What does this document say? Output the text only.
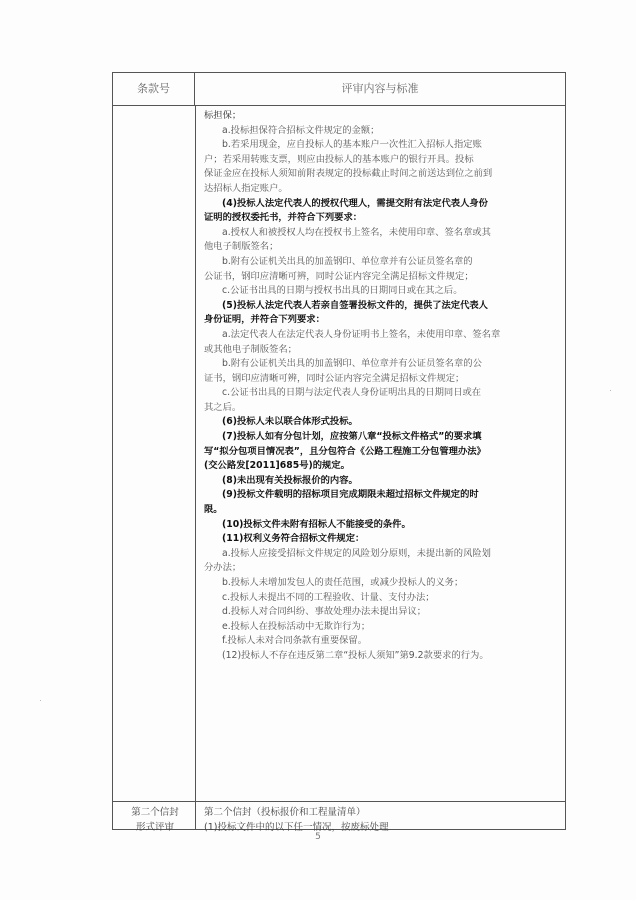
条款号	评审内容与标准

标担保；

a.投标担保符合招标文件规定的金额；

b.若采用现金，应自投标人的基本账户一次性汇入招标人指定账

户；若采用转账支票，则应由投标人的基本账户的银行开具。投标

保证金应在投标人须知前附表规定的投标截止时间之前送达到位之前到

达招标人指定账户。

(4)投标人法定代表人的授权代理人，需提交附有法定代表人身份

证明的授权委托书，并符合下列要求：

a.授权人和被授权人均在授权书上签名，未使用印章、签名章或其

他电子制版签名；

b.附有公证机关出具的加盖钢印、单位章并有公证员签名章的

公证书，钢印应清晰可辨，同时公证内容完全满足招标文件规定；

c.公证书出具的日期与授权书出具的日期同日或在其之后。

(5)投标人法定代表人若亲自签署投标文件的，提供了法定代表人

身份证明，并符合下列要求：

a.法定代表人在法定代表人身份证明书上签名，未使用印章、签名章

或其他电子制版签名；

b.附有公证机关出具的加盖钢印、单位章并有公证员签名章的公

证书，钢印应清晰可辨，同时公证内容完全满足招标文件规定；

c.公证书出具的日期与法定代表人身份证明出具的日期同日或在

其之后。

(6)投标人未以联合体形式投标。

(7)投标人如有分包计划，应按第八章“投标文件格式”的要求填

写“拟分包项目情况表”，且分包符合《公路工程施工分包管理办法》

(交公路发[2011]685号)的规定。

(8)未出现有关投标报价的内容。

(9)投标文件载明的招标项目完成期限未超过招标文件规定的时

限。

(10)投标文件未附有招标人不能接受的条件。

(11)权利义务符合招标文件规定：

a.投标人应接受招标文件规定的风险划分原则，未提出新的风险划

分办法；

b.投标人未增加发包人的责任范围，或减少投标人的义务；

c.投标人未提出不同的工程验收、计量、支付办法；

d.投标人对合同纠纷、事故处理办法未提出异议；

e.投标人在投标活动中无欺诈行为；

f.投标人未对合同条款有重要保留。

(12)投标人不存在违反第二章“投标人须知”第9.2款要求的行为。

第二个信封
形式评审
第二个信封（投标报价和工程量清单）
(1)投标文件中的以下任一情况，按废标处理
5
